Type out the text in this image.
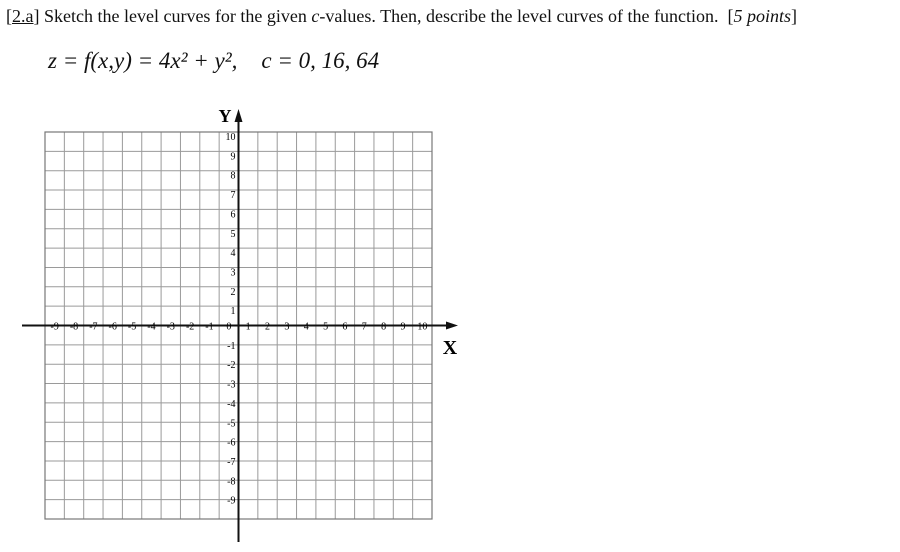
[2.a] Sketch the level curves for the given c-values. Then, describe the level curves of the function.  [5 points]
z = f(x,y) = 4x² + y², c = 0, 16, 64
-9 -8 -7 -6 -5 -4 -3 -2 -1 0 1 2 3 4 5 6 7 8 9 10
10
9
8
7
6
5
4
3
2
1
-1
-2
-3
-4
-5
-6
-7
-8
-9
X
Y
